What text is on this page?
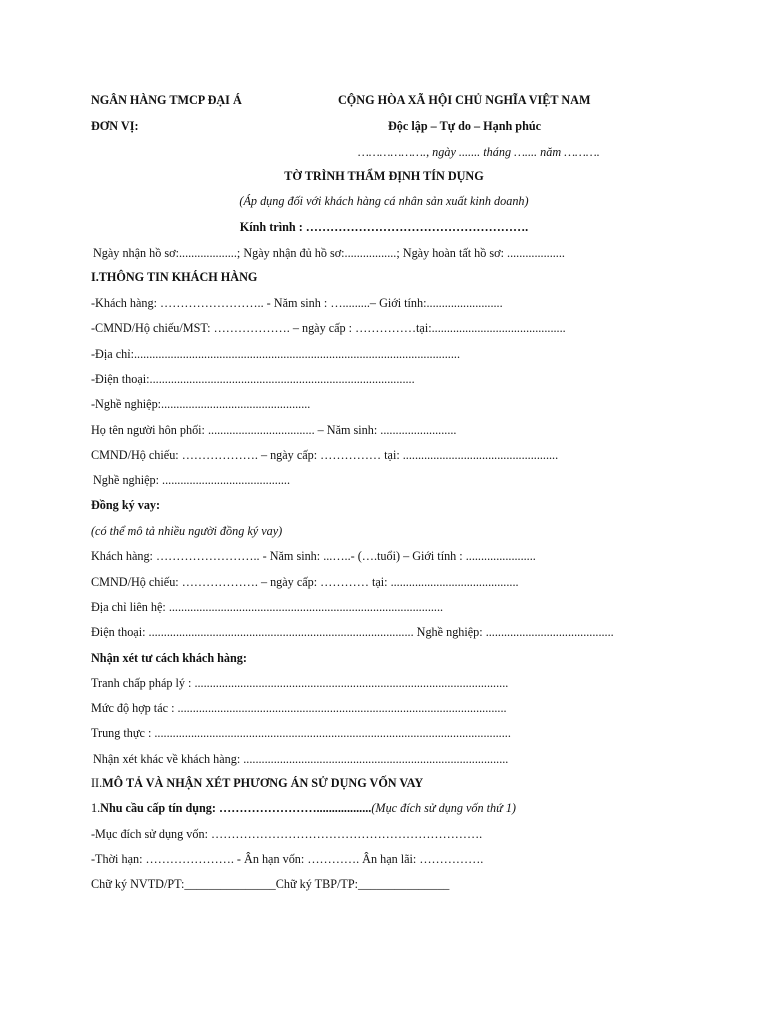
NGÂN HÀNG TMCP ĐẠI Á	CỘNG HÒA XÃ HỘI CHỦ NGHĨA VIỆT NAM
ĐƠN VỊ:	Độc lập – Tự do – Hạnh phúc
………………., ngày ....... tháng ….... năm ……….
TỜ TRÌNH THẨM ĐỊNH TÍN DỤNG
(Áp dụng đối với khách hàng cá nhân sản xuất kinh doanh)
Kính trình : ……………………………………………….
Ngày nhận hồ sơ:...................; Ngày nhận đủ hồ sơ:.................; Ngày hoàn tất hồ sơ: ...................
I.THÔNG TIN KHÁCH HÀNG
-Khách hàng: …………………….. - Năm sinh : ….........– Giới tính:.........................
-CMND/Hộ chiếu/MST: ………………. – ngày cấp : ……………tại:............................................
-Địa chỉ:...........................................................................................................
-Điện thoại:.......................................................................................
-Nghề nghiệp:.................................................
Họ tên người hôn phối: ................................... – Năm sinh: .........................
CMND/Hộ chiếu: ………………. – ngày cấp: …………… tại: ...................................................
Nghề nghiệp: ..........................................
Đồng ký vay:
(có thể mô tả nhiều người đồng ký vay)
Khách hàng: …………………….. - Năm sinh: ...…..- (….tuổi) – Giới tính : .......................
CMND/Hộ chiếu: ………………. – ngày cấp: ………… tại: ..........................................
Địa chỉ liên hệ: ..........................................................................................
Điện thoại: ....................................................................................... Nghề nghiệp: ..........................................
Nhận xét tư cách khách hàng:
Tranh chấp pháp lý : .......................................................................................................
Mức độ hợp tác : ............................................................................................................
Trung thực : .....................................................................................................................
Nhận xét khác về khách hàng: .......................................................................................
II.MÔ TẢ VÀ NHẬN XÉT PHƯƠNG ÁN SỬ DỤNG VỐN VAY
1.Nhu cầu cấp tín dụng: ……………………..................(Mục đích sử dụng vốn thứ 1)
-Mục đích sử dụng vốn: ………………………………………………………….
-Thời hạn: …………………. - Ân hạn vốn: …………. Ân hạn lãi: …………….
Chữ ký NVTD/PT:_______________Chữ ký TBP/TP:_______________
